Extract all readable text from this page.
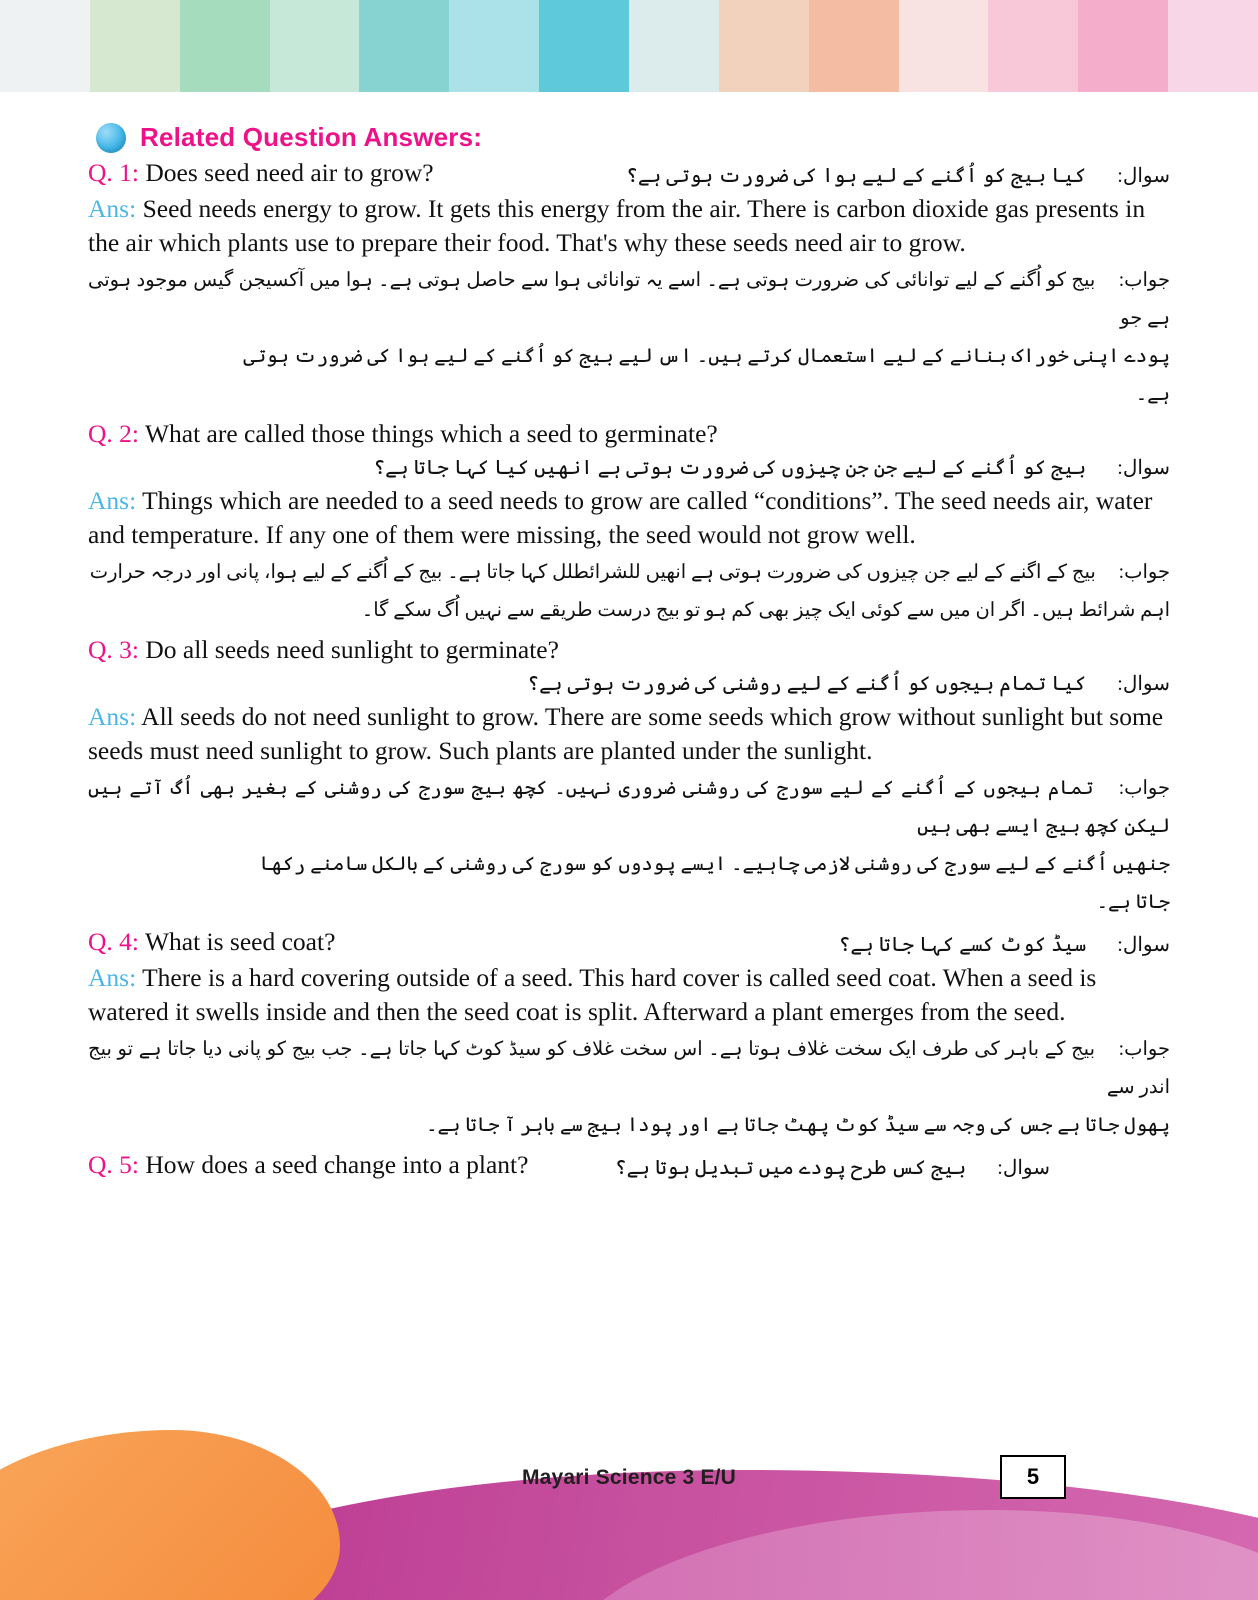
Related Question Answers:
Q. 1: Does seed need air to grow?	سوال: کیا بیج کو اُگنے کے لیے ہوا کی ضرورت ہوتی ہے؟
Ans: Seed needs energy to grow. It gets this energy from the air. There is carbon dioxide gas presents in the air which plants use to prepare their food. That's why these seeds need air to grow.
جواب: بیج کو اُگنے کے لیے توانائی کی ضرورت ہوتی ہے۔ اسے یہ توانائی ہوا سے حاصل ہوتی ہے۔ ہوا میں آکسیجن گیس موجود ہوتی ہے جو
پودے اپنی خوراک بنانے کے لیے استعمال کرتے ہیں۔ اس لیے بیج کو اُگنے کے لیے ہوا کی ضرورت ہوتی ہے۔
Q. 2: What are called those things which a seed to germinate?
سوال: بیج کو اُگنے کے لیے جن جن چیزوں کی ضرورت ہوتی ہے انھیں کیا کہا جاتا ہے؟
Ans: Things which are needed to a seed needs to grow are called “conditions”. The seed needs air, water and temperature. If any one of them were missing, the seed would not grow well.
جواب: بیج کے اگنے کے لیے جن چیزوں کی ضرورت ہوتی ہے انھیں للشرائطلل کہا جاتا ہے۔ بیج کے اُگنے کے لیے ہوا، پانی اور درجہ حرارت
اہم شرائط ہیں۔ اگر ان میں سے کوئی ایک چیز بھی کم ہو تو بیج درست طریقے سے نہیں اُگ سکے گا۔
Q. 3: Do all seeds need sunlight to germinate?
سوال: کیا تمام بیجوں کو اُگنے کے لیے روشنی کی ضرورت ہوتی ہے؟
Ans: All seeds do not need sunlight to grow. There are some seeds which grow without sunlight but some seeds must need sunlight to grow. Such plants are planted under the sunlight.
جواب: تمام بیجوں کے اُگنے کے لیے سورج کی روشنی ضروری نہیں۔ کچھ بیج سورج کی روشنی کے بغیر بھی اُگ آتے ہیں لیکن کچھ بیج ایسے بھی ہیں
جنھیں اُگنے کے لیے سورج کی روشنی لازمی چاہیے۔ ایسے پودوں کو سورج کی روشنی کے بالکل سامنے رکھا جاتا ہے۔
Q. 4: What is seed coat?	سوال: سیڈ کوٹ کسے کہا جاتا ہے؟
Ans: There is a hard covering outside of a seed. This hard cover is called seed coat. When a seed is watered it swells inside and then the seed coat is split. Afterward a plant emerges from the seed.
جواب: بیج کے باہر کی طرف ایک سخت غلاف ہوتا ہے۔ اس سخت غلاف کو سیڈ کوٹ کہا جاتا ہے۔ جب بیج کو پانی دیا جاتا ہے تو بیج اندر سے
پھول جاتا ہے جس کی وجہ سے سیڈ کوٹ پھٹ جاتا ہے اور پودا بیج سے باہر آ جاتا ہے۔
Q. 5: How does a seed change into a plant?	سوال: بیج کس طرح پودے میں تبدیل ہوتا ہے؟
Mayari Science 3 E/U	5
